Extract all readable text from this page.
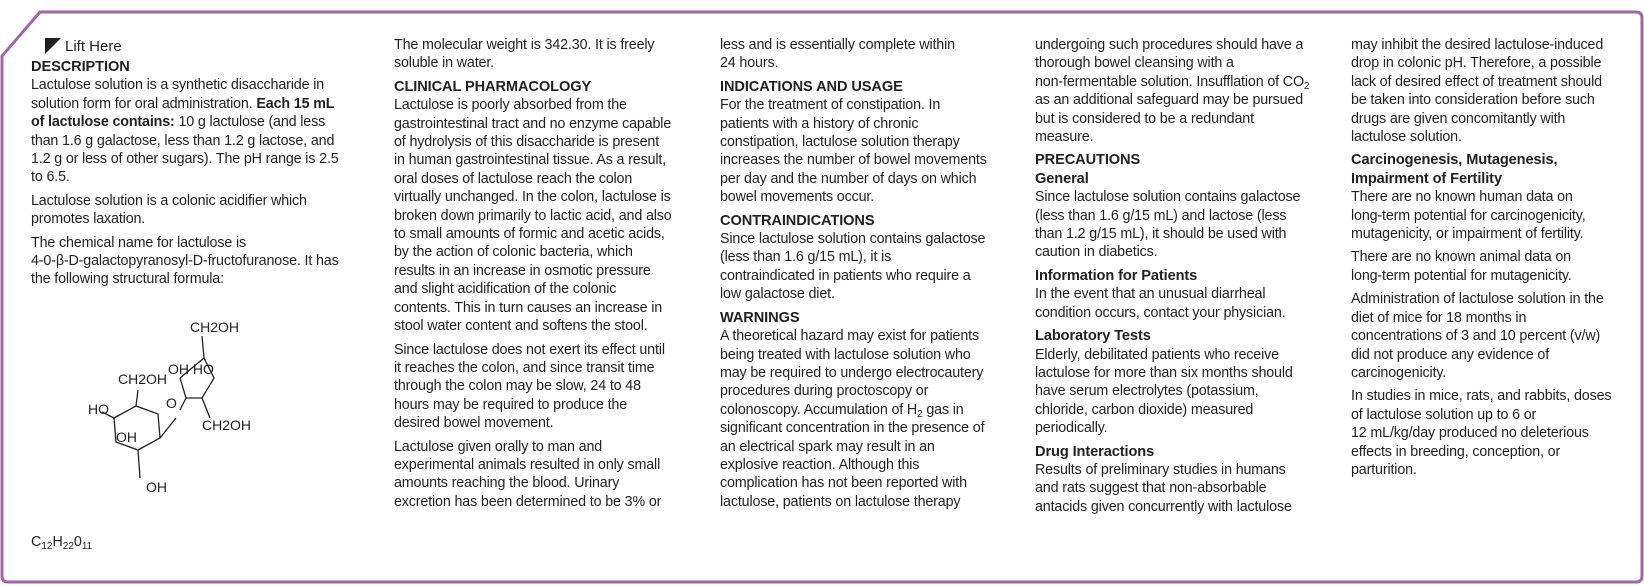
Lift Here
DESCRIPTION

Lactulose solution is a synthetic disaccharide in
solution form for oral administration. Each 15 mL
of lactulose contains: 10 g lactulose (and less
than 1.6 g galactose, less than 1.2 g lactose, and
1.2 g or less of other sugars). The pH range is 2.5
to 6.5.

Lactulose solution is a colonic acidifier which
promotes laxation.

The chemical name for lactulose is
4-0-β-D-galactopyranosyl-D-fructofuranose. It has
the following structural formula:

CH2OH
OH HO
CH2OH
HO	O
OH
CH2OH
OH
$C_{12}H_{22}0_{11}$

The molecular weight is 342.30. It is freely
soluble in water.

CLINICAL PHARMACOLOGY

Lactulose is poorly absorbed from the
gastrointestinal tract and no enzyme capable
of hydrolysis of this disaccharide is present
in human gastrointestinal tissue. As a result,
oral doses of lactulose reach the colon
virtually unchanged. In the colon, lactulose is
broken down primarily to lactic acid, and also
to small amounts of formic and acetic acids,
by the action of colonic bacteria, which
results in an increase in osmotic pressure
and slight acidification of the colonic
contents. This in turn causes an increase in
stool water content and softens the stool.

Since lactulose does not exert its effect until
it reaches the colon, and since transit time
through the colon may be slow, 24 to 48
hours may be required to produce the
desired bowel movement.

Lactulose given orally to man and
experimental animals resulted in only small
amounts reaching the blood. Urinary
excretion has been determined to be 3% or

less and is essentially complete within
24 hours.

INDICATIONS AND USAGE

For the treatment of constipation. In
patients with a history of chronic
constipation, lactulose solution therapy
increases the number of bowel movements
per day and the number of days on which
bowel movements occur.

CONTRAINDICATIONS

Since lactulose solution contains galactose
(less than 1.6 g/15 mL), it is
contraindicated in patients who require a
low galactose diet.

WARNINGS

A theoretical hazard may exist for patients
being treated with lactulose solution who
may be required to undergo electrocautery
procedures during proctoscopy or
colonoscopy. Accumulation of $H_2$ gas in
significant concentration in the presence of
an electrical spark may result in an
explosive reaction. Although this
complication has not been reported with
lactulose, patients on lactulose therapy

undergoing such procedures should have a
thorough bowel cleansing with a
non-fermentable solution. Insufflation of $CO_2$
as an additional safeguard may be pursued
but is considered to be a redundant
measure.

PRECAUTIONS
General

Since lactulose solution contains galactose
(less than 1.6 g/15 mL) and lactose (less
than 1.2 g/15 mL), it should be used with
caution in diabetics.

Information for Patients

In the event that an unusual diarrheal
condition occurs, contact your physician.

Laboratory Tests

Elderly, debilitated patients who receive
lactulose for more than six months should
have serum electrolytes (potassium,
chloride, carbon dioxide) measured
periodically.

Drug Interactions

Results of preliminary studies in humans
and rats suggest that non-absorbable
antacids given concurrently with lactulose

may inhibit the desired lactulose-induced
drop in colonic pH. Therefore, a possible
lack of desired effect of treatment should
be taken into consideration before such
drugs are given concomitantly with
lactulose solution.

Carcinogenesis, Mutagenesis,
Impairment of Fertility

There are no known human data on
long-term potential for carcinogenicity,
mutagenicity, or impairment of fertility.

There are no known animal data on
long-term potential for mutagenicity.

Administration of lactulose solution in the
diet of mice for 18 months in
concentrations of 3 and 10 percent (v/w)
did not produce any evidence of
carcinogenicity.

In studies in mice, rats, and rabbits, doses
of lactulose solution up to 6 or
12 mL/kg/day produced no deleterious
effects in breeding, conception, or
parturition.
